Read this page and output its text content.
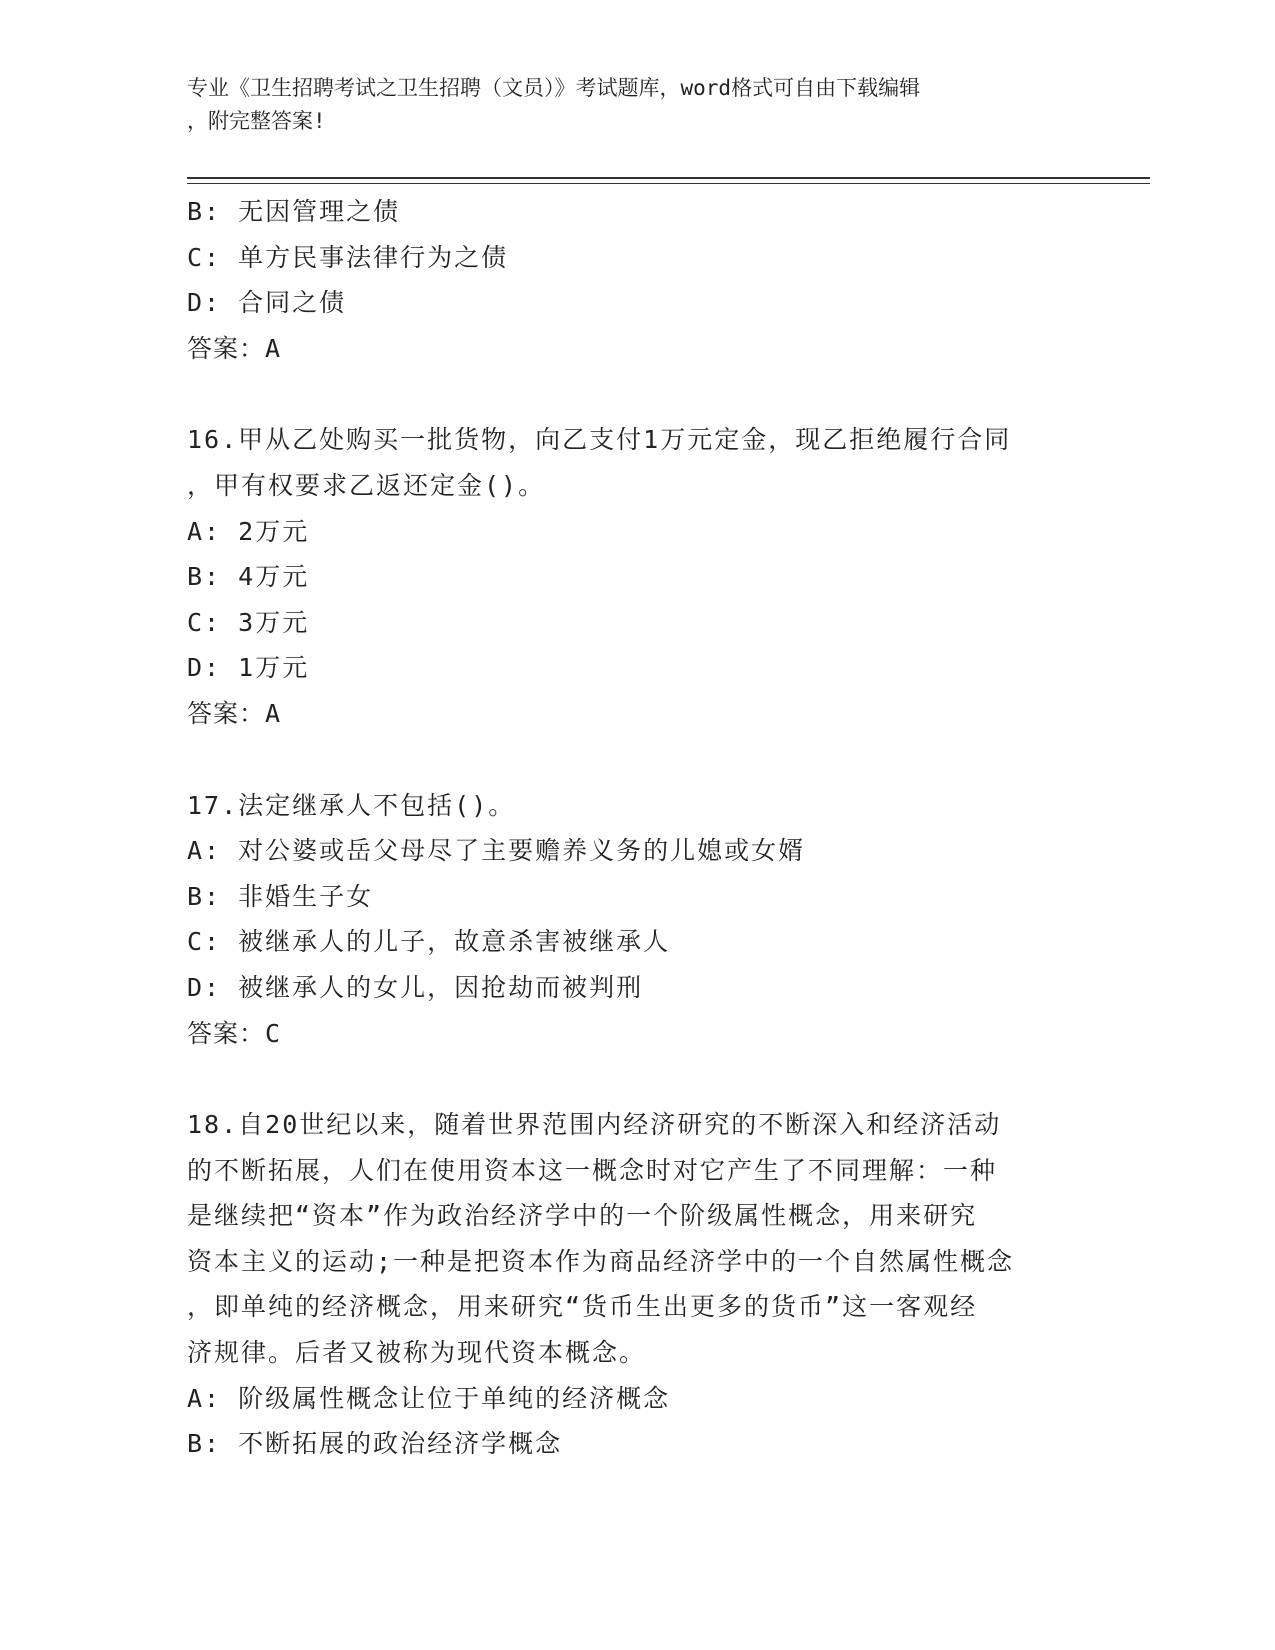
专业《卫生招聘考试之卫生招聘（文员）》考试题库，word格式可自由下载编辑
，附完整答案!

B: 无因管理之债

C: 单方民事法律行为之债

D: 合同之债

答案：A

16.甲从乙处购买一批货物，向乙支付1万元定金，现乙拒绝履行合同

，甲有权要求乙返还定金()。

A: 2万元

B: 4万元

C: 3万元

D: 1万元

答案：A

17.法定继承人不包括()。

A: 对公婆或岳父母尽了主要赡养义务的儿媳或女婿

B: 非婚生子女

C: 被继承人的儿子，故意杀害被继承人

D: 被继承人的女儿，因抢劫而被判刑

答案：C

18.自20世纪以来，随着世界范围内经济研究的不断深入和经济活动

的不断拓展，人们在使用资本这一概念时对它产生了不同理解：一种

是继续把“资本”作为政治经济学中的一个阶级属性概念，用来研究

资本主义的运动;一种是把资本作为商品经济学中的一个自然属性概念

，即单纯的经济概念，用来研究“货币生出更多的货币”这一客观经

济规律。后者又被称为现代资本概念。

A: 阶级属性概念让位于单纯的经济概念

B: 不断拓展的政治经济学概念
